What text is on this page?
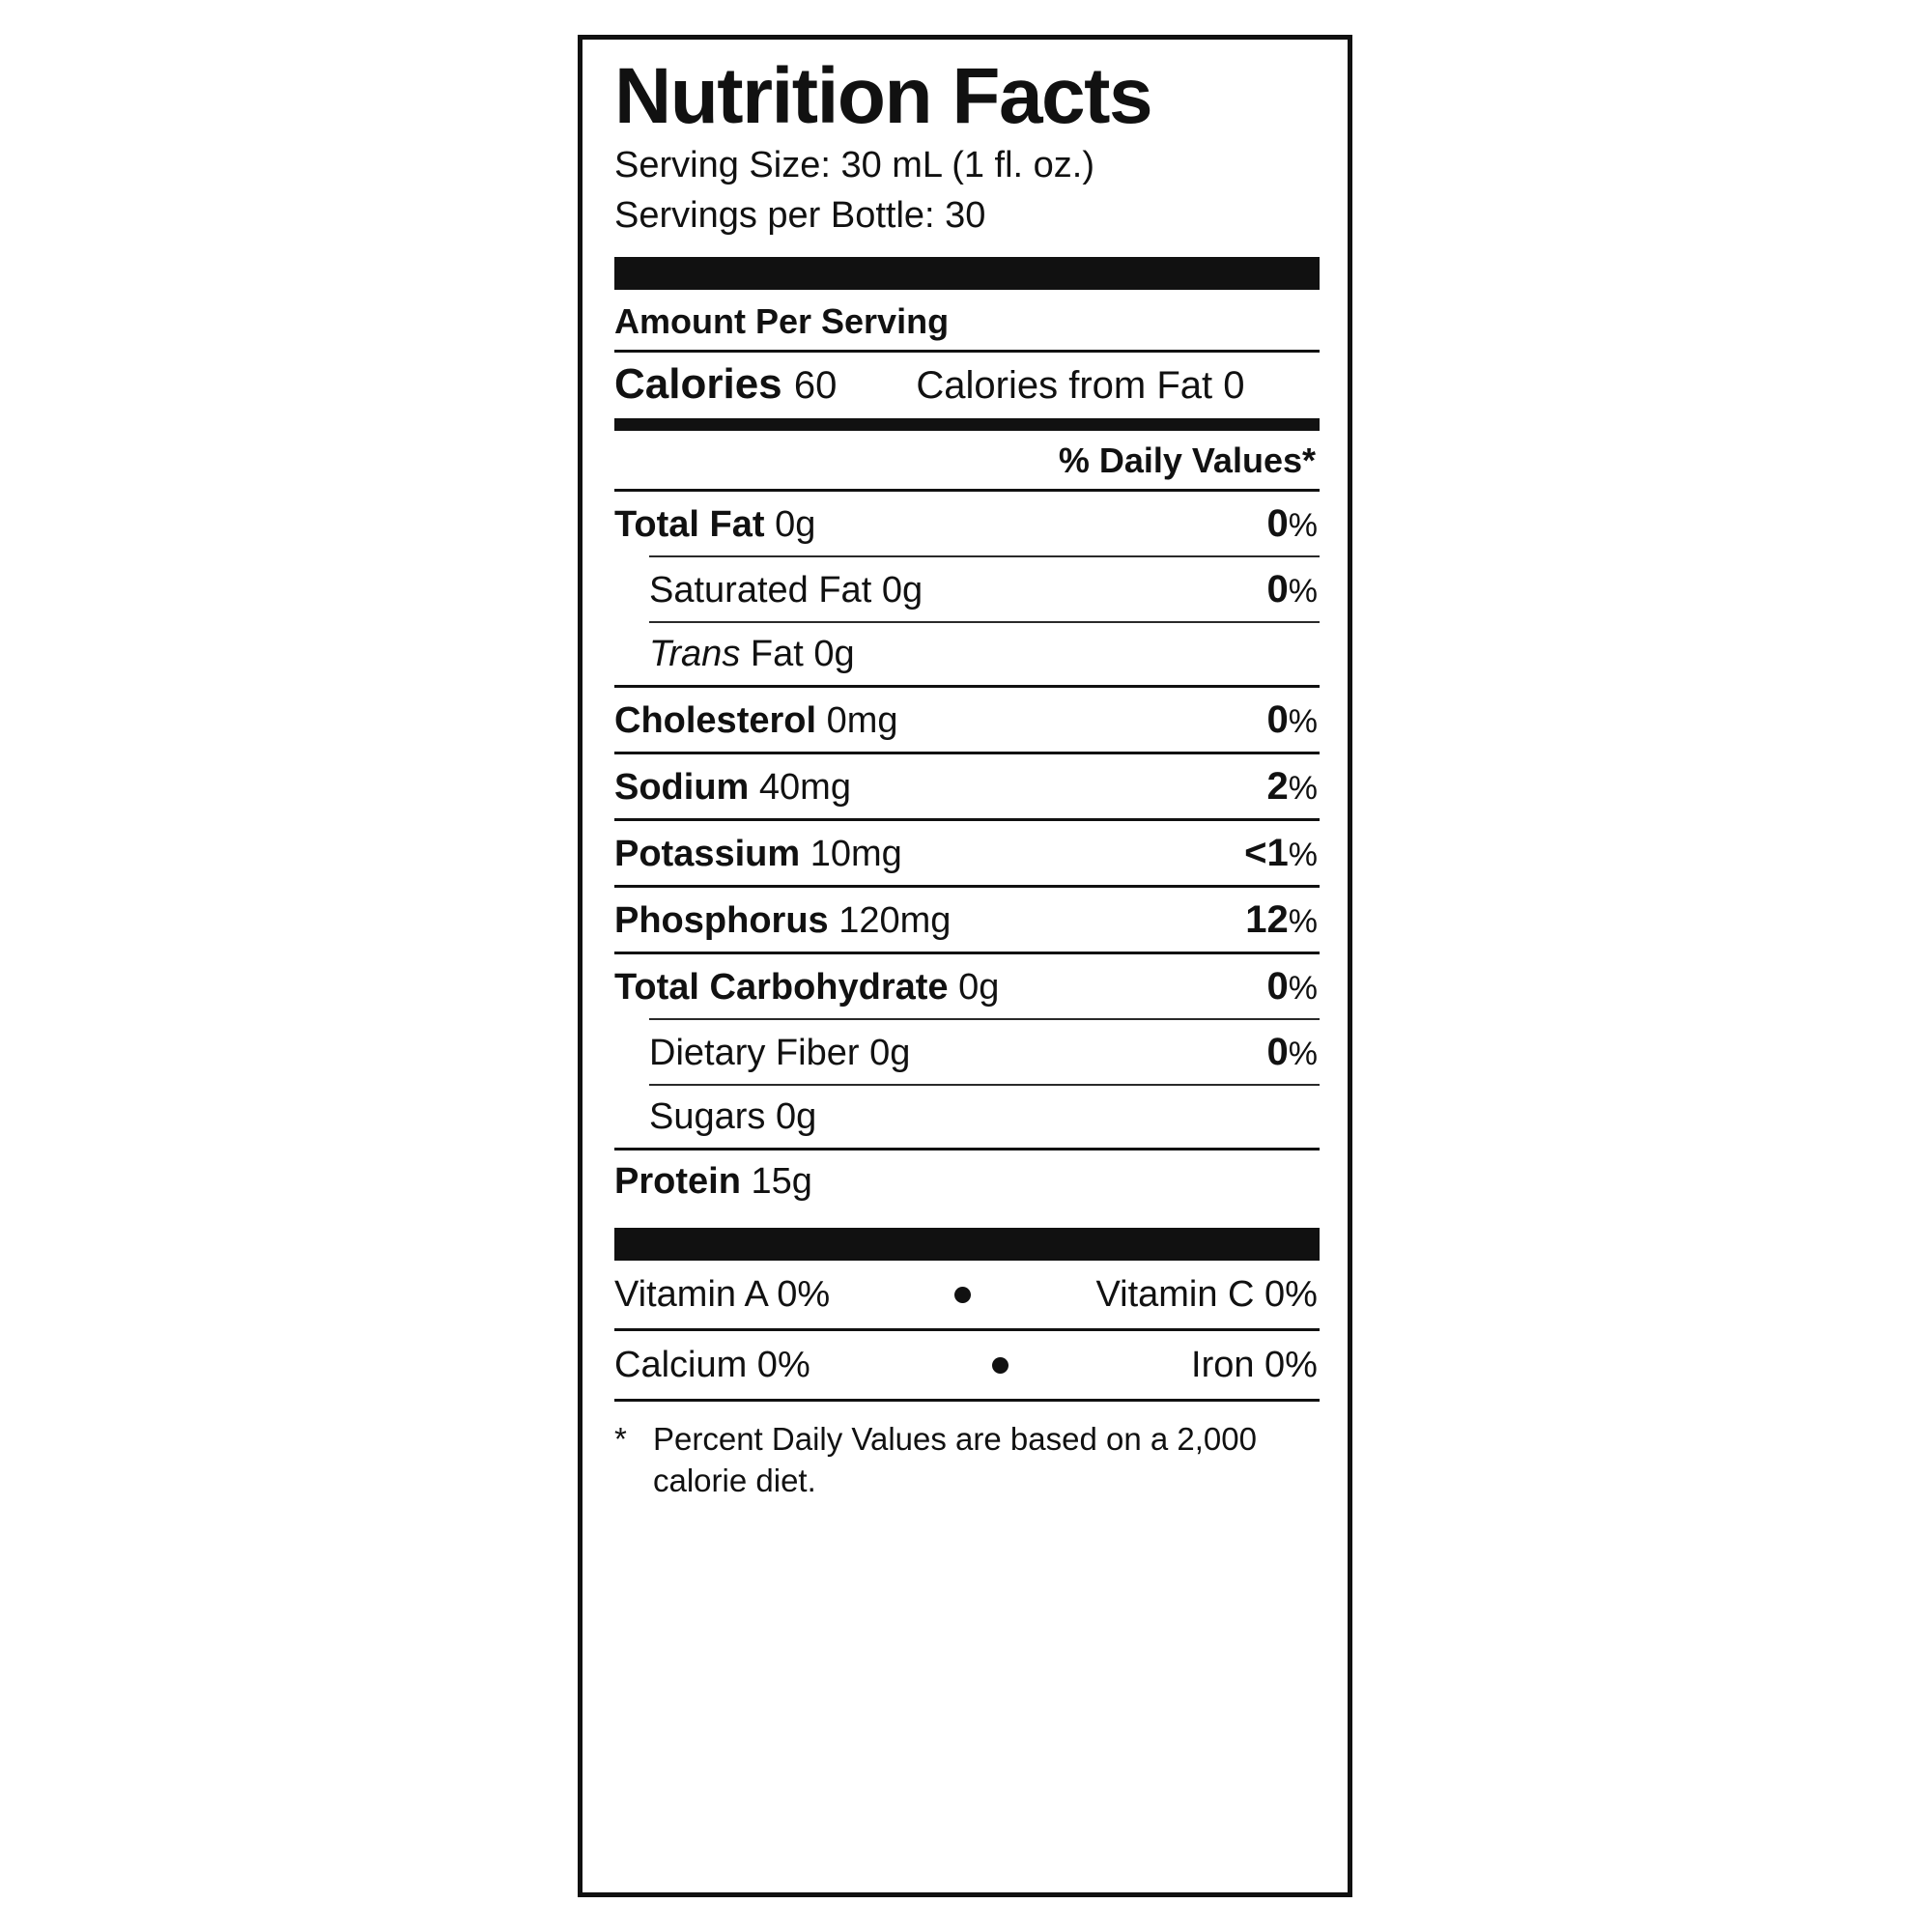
Nutrition Facts
Serving Size: 30 mL (1 fl. oz.)
Servings per Bottle: 30
Amount Per Serving
Calories 60 Calories from Fat 0
% Daily Values*
Total Fat 0g	0%
Saturated Fat 0g	0%
Trans Fat 0g
Cholesterol 0mg	0%
Sodium 40mg	2%
Potassium 10mg	<1%
Phosphorus 120mg	12%
Total Carbohydrate 0g	0%
Dietary Fiber 0g	0%
Sugars 0g
Protein 15g
Vitamin A 0%	Vitamin C 0%
Calcium 0%	Iron 0%
* Percent Daily Values are based on a 2,000 calorie diet.
